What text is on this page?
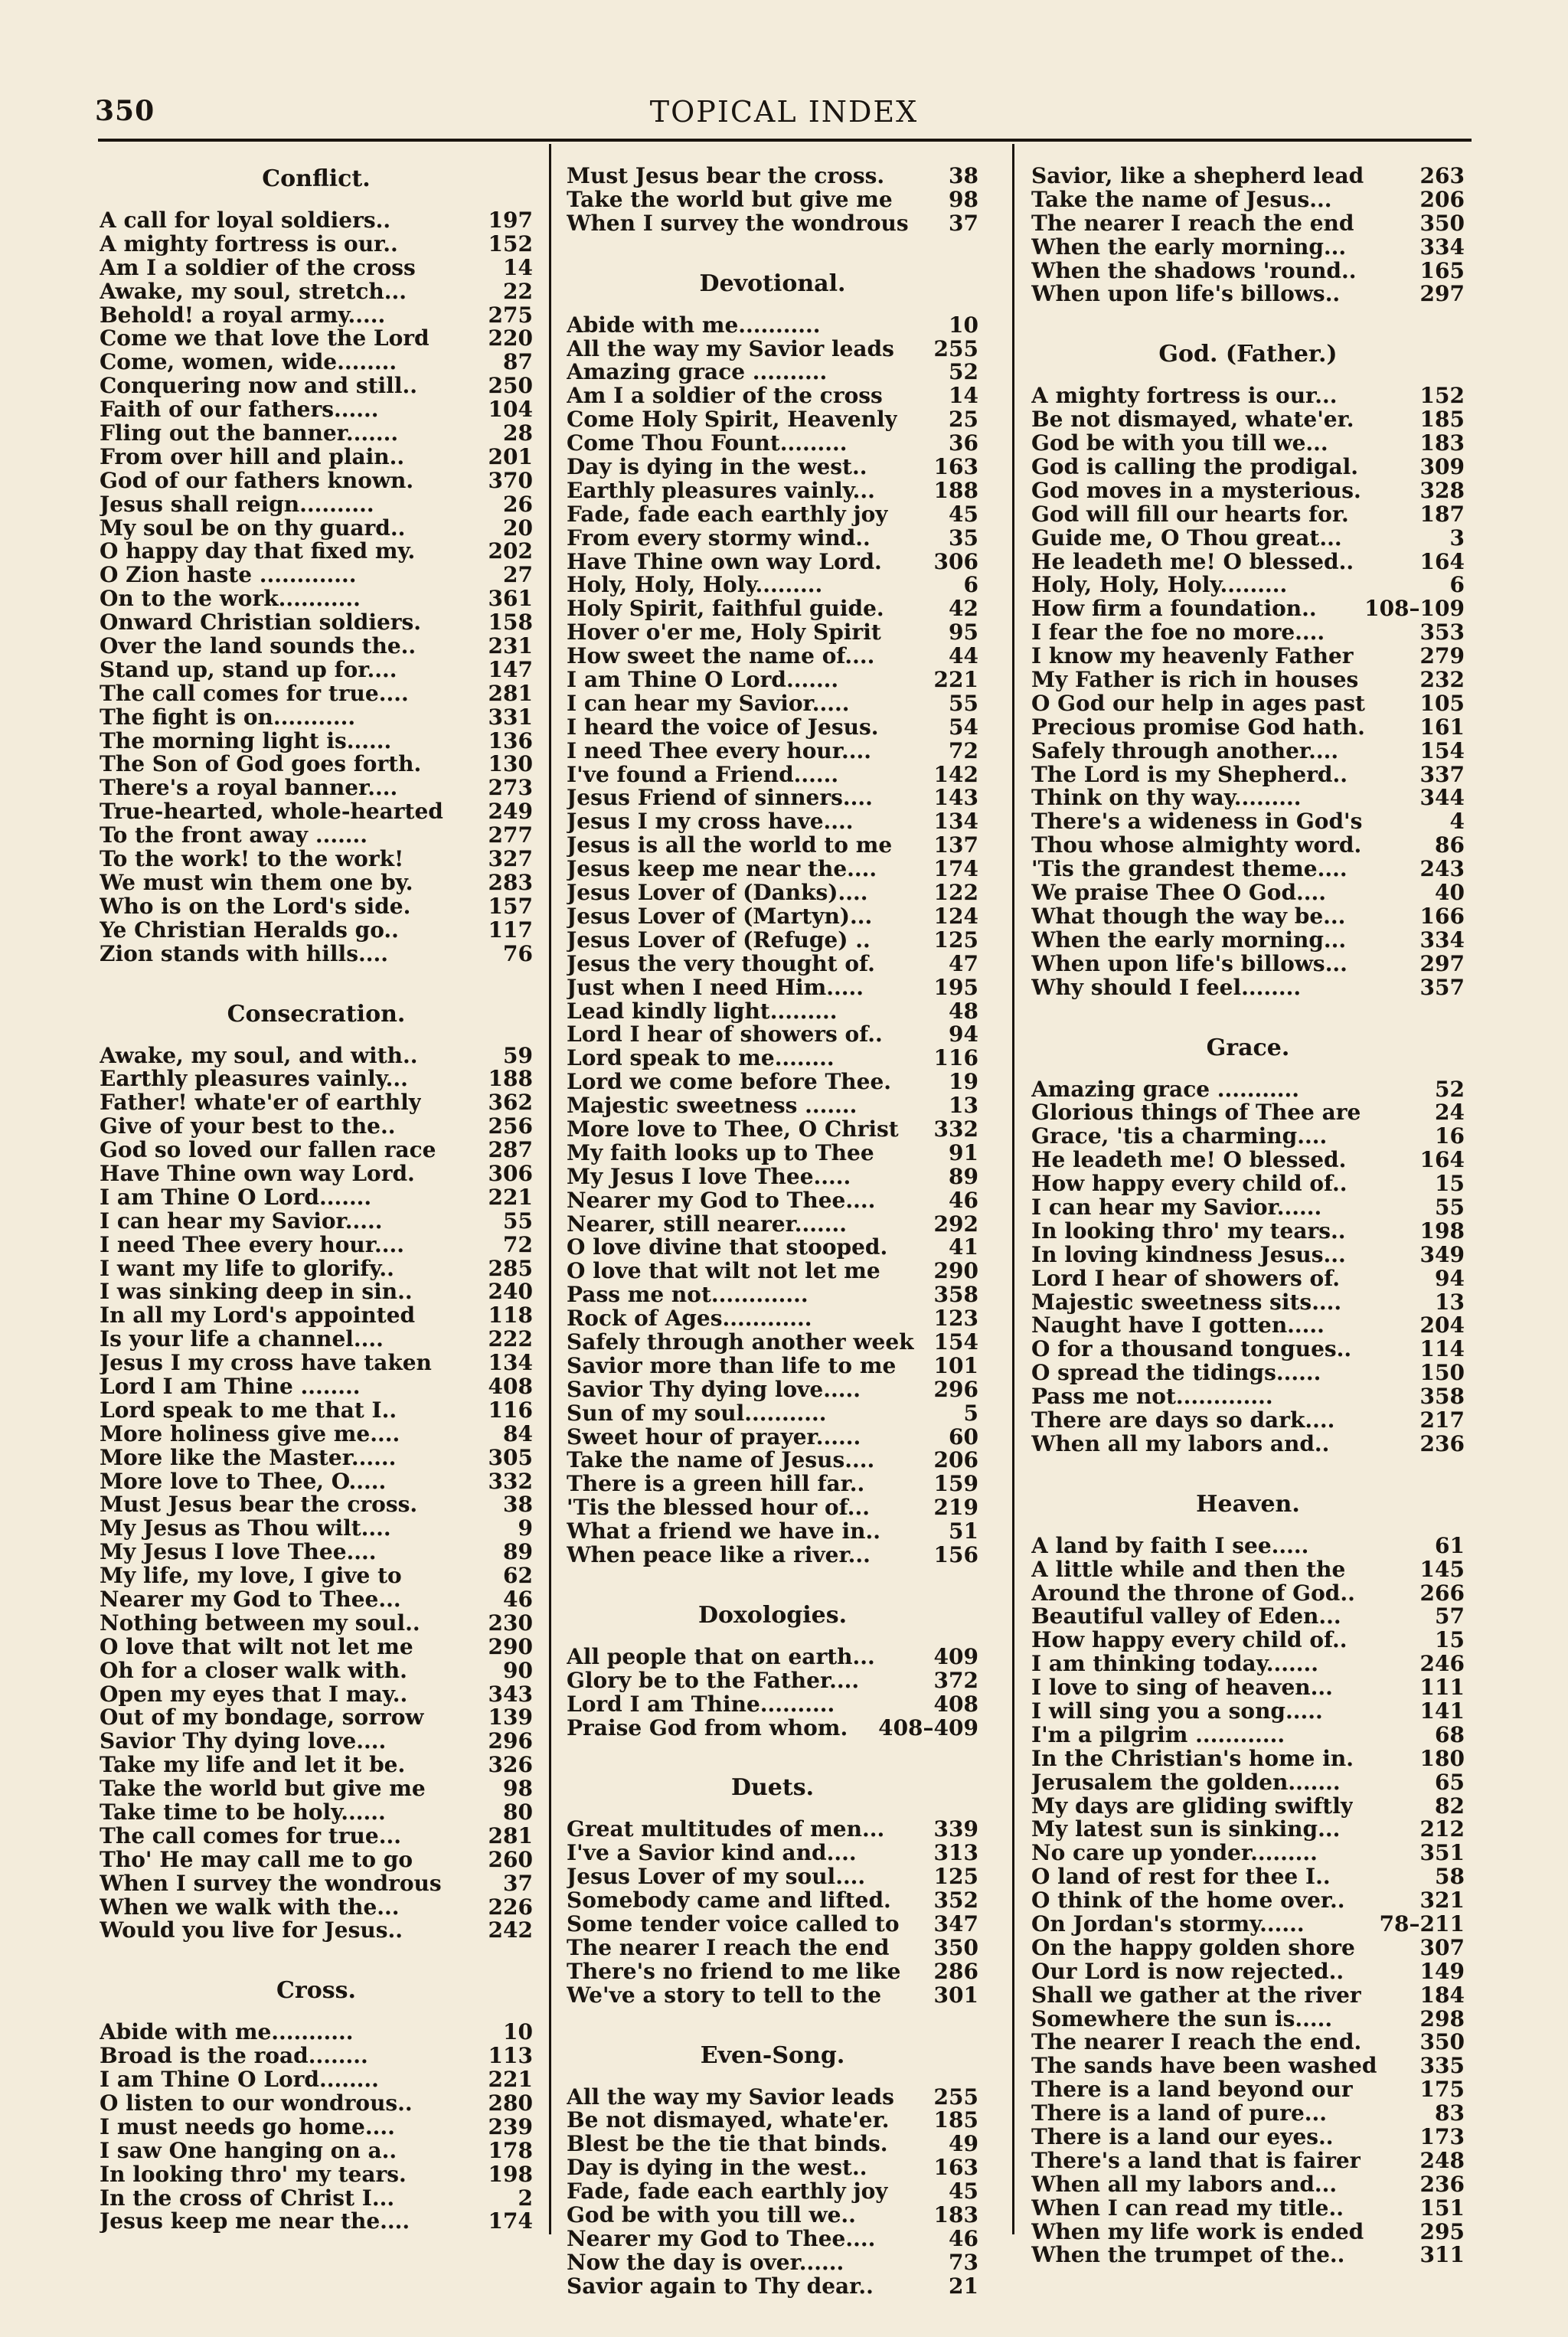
350	TOPICAL INDEX
Conflict.
A call for loyal soldiers..	197
A mighty fortress is our..	152
Am I a soldier of the cross	14
Awake, my soul, stretch...	22
Behold! a royal army.....	275
Come we that love the Lord	220
Come, women, wide........	87
Conquering now and still..	250
Faith of our fathers......	104
Fling out the banner.......	28
From over hill and plain..	201
God of our fathers known.	370
Jesus shall reign..........	26
My soul be on thy guard..	20
O happy day that fixed my.	202
O Zion haste .............	27
On to the work...........	361
Onward Christian soldiers.	158
Over the land sounds the..	231
Stand up, stand up for....	147
The call comes for true....	281
The fight is on...........	331
The morning light is......	136
The Son of God goes forth.	130
There's a royal banner....	273
True-hearted, whole-hearted 249
To the front away .......	277
To the work! to the work!	327
We must win them one by.	283
Who is on the Lord's side.	157
Ye Christian Heralds go..	117
Zion stands with hills....	76
Consecration.
Awake, my soul, and with..	59
Earthly pleasures vainly...	188
Father! whate'er of earthly	362
Give of your best to the..	256
God so loved our fallen race 287
Have Thine own way Lord.	306
I am Thine O Lord.......	221
I can hear my Savior.....	55
I need Thee every hour....	72
I want my life to glorify..	285
I was sinking deep in sin..	240
In all my Lord's appointed	118
Is your life a channel....	222
Jesus I my cross have taken	134
Lord I am Thine ........	408
Lord speak to me that I..	116
More holiness give me....	84
More like the Master......	305
More love to Thee, O.....	332
Must Jesus bear the cross.	38
My Jesus as Thou wilt....	9
My Jesus I love Thee....	89
My life, my love, I give to	62
Nearer my God to Thee...	46
Nothing between my soul..	230
O love that wilt not let me	290
Oh for a closer walk with.	90
Open my eyes that I may..	343
Out of my bondage, sorrow	139
Savior Thy dying love....	296
Take my life and let it be.	326
Take the world but give me	98
Take time to be holy......	80
The call comes for true...	281
Tho' He may call me to go	260
When I survey the wondrous	37
When we walk with the...	226
Would you live for Jesus..	242
Cross.
Abide with me...........	10
Broad is the road........	113
I am Thine O Lord........	221
O listen to our wondrous..	280
I must needs go home....	239
I saw One hanging on a..	178
In looking thro' my tears.	198
In the cross of Christ I...	2
Jesus keep me near the....	174
Must Jesus bear the cross.	38
Take the world but give me	98
When I survey the wondrous 37
Devotional.
Abide with me...........	10
All the way my Savior leads 255
Amazing grace ..........	52
Am I a soldier of the cross	14
Come Holy Spirit, Heavenly 25
Come Thou Fount.........	36
Day is dying in the west..	163
Earthly pleasures vainly...	188
Fade, fade each earthly joy	45
From every stormy wind..	35
Have Thine own way Lord. 306
Holy, Holy, Holy.........	6
Holy Spirit, faithful guide.	42
Hover o'er me, Holy Spirit	95
How sweet the name of....	44
I am Thine O Lord.......	221
I can hear my Savior.....	55
I heard the voice of Jesus.	54
I need Thee every hour....	72
I've found a Friend......	142
Jesus Friend of sinners....	143
Jesus I my cross have....	134
Jesus is all the world to me 137
Jesus keep me near the....	174
Jesus Lover of (Danks)....	122
Jesus Lover of (Martyn)...	124
Jesus Lover of (Refuge) ..	125
Jesus the very thought of.	47
Just when I need Him.....	195
Lead kindly light.........	48
Lord I hear of showers of..	94
Lord speak to me........	116
Lord we come before Thee.	19
Majestic sweetness .......	13
More love to Thee, O Christ 332
My faith looks up to Thee	91
My Jesus I love Thee.....	89
Nearer my God to Thee....	46
Nearer, still nearer.......	292
O love divine that stooped.	41
O love that wilt not let me 290
Pass me not.............	358
Rock of Ages............	123
Safely through another week 154
Savior more than life to me 101
Savior Thy dying love.....	296
Sun of my soul...........	5
Sweet hour of prayer......	60
Take the name of Jesus....	206
There is a green hill far..	159
'Tis the blessed hour of...	219
What a friend we have in..	51
When peace like a river...	156
Doxologies.
All people that on earth...	409
Glory be to the Father....	372
Lord I am Thine..........	408
Praise God from whom. 408–409
Duets.
Great multitudes of men... 339
I've a Savior kind and....	313
Jesus Lover of my soul....	125
Somebody came and lifted. 352
Some tender voice called to 347
The nearer I reach the end 350
There's no friend to me like 286
We've a story to tell to the 301
Even-Song.
All the way my Savior leads 255
Be not dismayed, whate'er. 185
Blest be the tie that binds.	49
Day is dying in the west..	163
Fade, fade each earthly joy	45
God be with you till we..	183
Nearer my God to Thee....	46
Now the day is over......	73
Savior again to Thy dear..	21
Savior, like a shepherd lead	263
Take the name of Jesus...	206
The nearer I reach the end	350
When the early morning...	334
When the shadows 'round..	165
When upon life's billows..	297
God. (Father.)
A mighty fortress is our...	152
Be not dismayed, whate'er.	185
God be with you till we...	183
God is calling the prodigal.	309
God moves in a mysterious.	328
God will fill our hearts for.	187
Guide me, O Thou great...	3
He leadeth me! O blessed..	164
Holy, Holy, Holy.........	6
How firm a foundation.. 108–109
I fear the foe no more....	353
I know my heavenly Father	279
My Father is rich in houses	232
O God our help in ages past	105
Precious promise God hath.	161
Safely through another....	154
The Lord is my Shepherd..	337
Think on thy way.........	344
There's a wideness in God's	4
Thou whose almighty word.	86
'Tis the grandest theme....	243
We praise Thee O God....	40
What though the way be...	166
When the early morning...	334
When upon life's billows...	297
Why should I feel........	357
Grace.
Amazing grace ...........	52
Glorious things of Thee are	24
Grace, 'tis a charming....	16
He leadeth me! O blessed.	164
How happy every child of..	15
I can hear my Savior......	55
In looking thro' my tears..	198
In loving kindness Jesus...	349
Lord I hear of showers of.	94
Majestic sweetness sits....	13
Naught have I gotten.....	204
O for a thousand tongues..	114
O spread the tidings......	150
Pass me not.............	358
There are days so dark....	217
When all my labors and..	236
Heaven.
A land by faith I see.....	61
A little while and then the	145
Around the throne of God..	266
Beautiful valley of Eden...	57
How happy every child of..	15
I am thinking today.......	246
I love to sing of heaven...	111
I will sing you a song.....	141
I'm a pilgrim ............	68
In the Christian's home in.	180
Jerusalem the golden.......	65
My days are gliding swiftly	82
My latest sun is sinking...	212
No care up yonder.........	351
O land of rest for thee I..	58
O think of the home over..	321
On Jordan's stormy......	78–211
On the happy golden shore	307
Our Lord is now rejected..	149
Shall we gather at the river	184
Somewhere the sun is.....	298
The nearer I reach the end.	350
The sands have been washed 335
There is a land beyond our	175
There is a land of pure...	83
There is a land our eyes..	173
There's a land that is fairer	248
When all my labors and...	236
When I can read my title..	151
When my life work is ended	295
When the trumpet of the..	311
